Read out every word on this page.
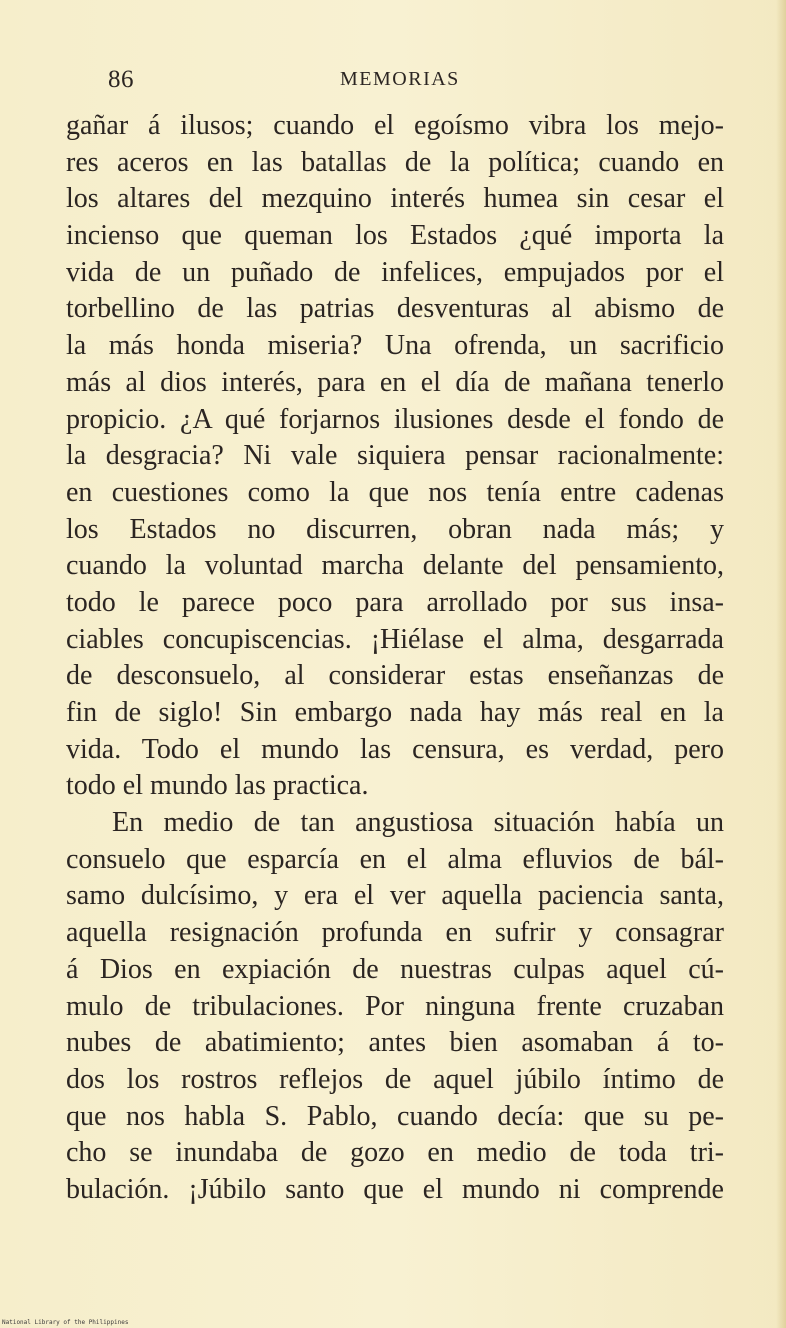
86	MEMORIAS
gañar á ilusos; cuando el egoísmo vibra los mejo-
res aceros en las batallas de la política; cuando en
los altares del mezquino interés humea sin cesar el
incienso que queman los Estados ¿qué importa la
vida de un puñado de infelices, empujados por el
torbellino de las patrias desventuras al abismo de
la más honda miseria? Una ofrenda, un sacrificio
más al dios interés, para en el día de mañana tenerlo
propicio. ¿A qué forjarnos ilusiones desde el fondo de
la desgracia? Ni vale siquiera pensar racionalmente:
en cuestiones como la que nos tenía entre cadenas
los Estados no discurren, obran nada más; y
cuando la voluntad marcha delante del pensamiento,
todo le parece poco para arrollado por sus insa-
ciables concupiscencias. ¡Hiélase el alma, desgarrada
de desconsuelo, al considerar estas enseñanzas de
fin de siglo! Sin embargo nada hay más real en la
vida. Todo el mundo las censura, es verdad, pero
todo el mundo las practica.
En medio de tan angustiosa situación había un
consuelo que esparcía en el alma efluvios de bál-
samo dulcísimo, y era el ver aquella paciencia santa,
aquella resignación profunda en sufrir y consagrar
á Dios en expiación de nuestras culpas aquel cú-
mulo de tribulaciones. Por ninguna frente cruzaban
nubes de abatimiento; antes bien asomaban á to-
dos los rostros reflejos de aquel júbilo íntimo de
que nos habla S. Pablo, cuando decía: que su pe-
cho se inundaba de gozo en medio de toda tri-
bulación. ¡Júbilo santo que el mundo ni comprende
National Library of the Philippines
